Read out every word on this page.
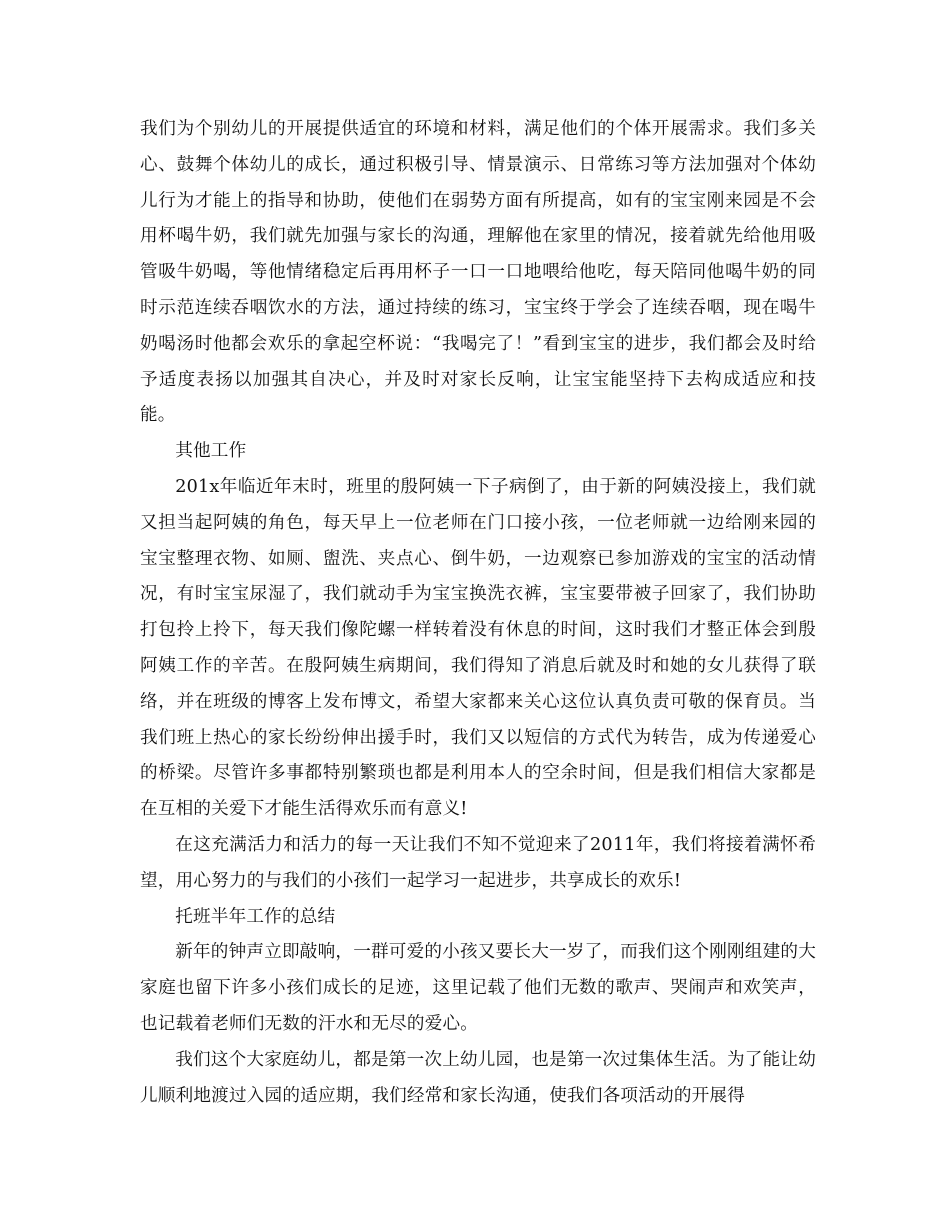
我们为个别幼儿的开展提供适宜的环境和材料，满足他们的个体开展需求。我们多关心、鼓舞个体幼儿的成长，通过积极引导、情景演示、日常练习等方法加强对个体幼儿行为才能上的指导和协助，使他们在弱势方面有所提高，如有的宝宝刚来园是不会用杯喝牛奶，我们就先加强与家长的沟通，理解他在家里的情况，接着就先给他用吸管吸牛奶喝，等他情绪稳定后再用杯子一口一口地喂给他吃，每天陪同他喝牛奶的同时示范连续吞咽饮水的方法，通过持续的练习，宝宝终于学会了连续吞咽，现在喝牛奶喝汤时他都会欢乐的拿起空杯说：“我喝完了！”看到宝宝的进步，我们都会及时给予适度表扬以加强其自决心，并及时对家长反响，让宝宝能坚持下去构成适应和技能。

其他工作

201x年临近年末时，班里的殷阿姨一下子病倒了，由于新的阿姨没接上，我们就又担当起阿姨的角色，每天早上一位老师在门口接小孩，一位老师就一边给刚来园的宝宝整理衣物、如厕、盥洗、夹点心、倒牛奶，一边观察已参加游戏的宝宝的活动情况，有时宝宝尿湿了，我们就动手为宝宝换洗衣裤，宝宝要带被子回家了，我们协助打包拎上拎下，每天我们像陀螺一样转着没有休息的时间，这时我们才整正体会到殷阿姨工作的辛苦。在殷阿姨生病期间，我们得知了消息后就及时和她的女儿获得了联络，并在班级的博客上发布博文，希望大家都来关心这位认真负责可敬的保育员。当我们班上热心的家长纷纷伸出援手时，我们又以短信的方式代为转告，成为传递爱心的桥梁。尽管许多事都特别繁琐也都是利用本人的空余时间，但是我们相信大家都是在互相的关爱下才能生活得欢乐而有意义!

在这充满活力和活力的每一天让我们不知不觉迎来了2011年，我们将接着满怀希望，用心努力的与我们的小孩们一起学习一起进步，共享成长的欢乐!

托班半年工作的总结

新年的钟声立即敲响，一群可爱的小孩又要长大一岁了，而我们这个刚刚组建的大家庭也留下许多小孩们成长的足迹，这里记载了他们无数的歌声、哭闹声和欢笑声，也记载着老师们无数的汗水和无尽的爱心。

我们这个大家庭幼儿，都是第一次上幼儿园，也是第一次过集体生活。为了能让幼儿顺利地渡过入园的适应期，我们经常和家长沟通，使我们各项活动的开展得
